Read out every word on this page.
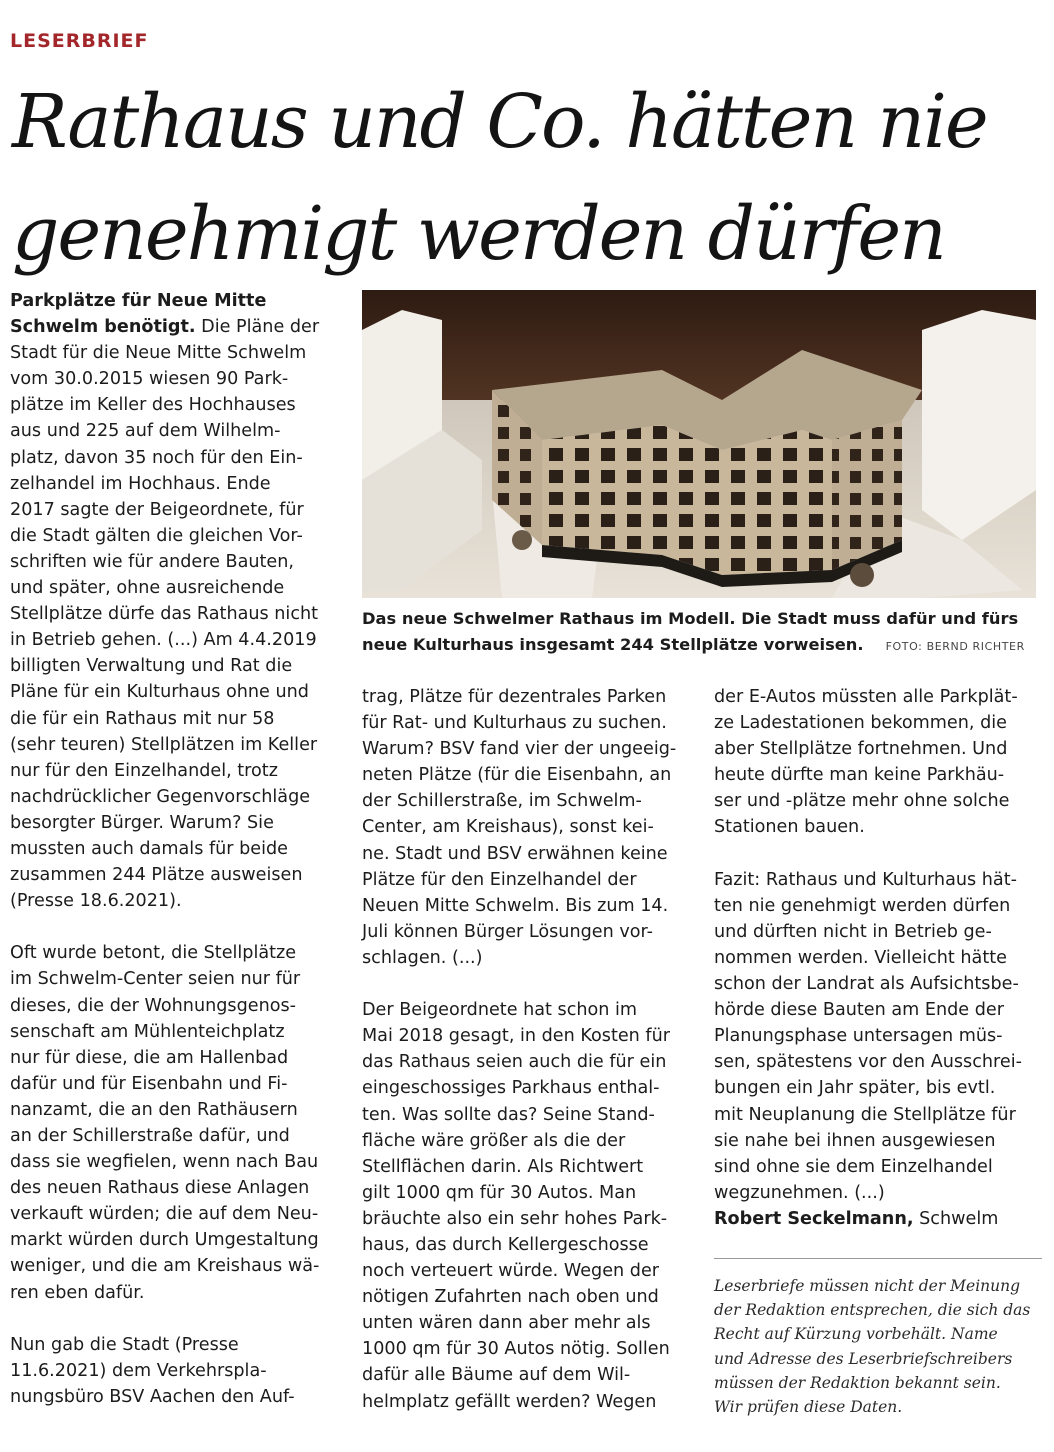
LESERBRIEF
Rathaus und Co. hätten nie
genehmigt werden dürfen
Parkplätze für Neue Mitte
Schwelm benötigt. Die Pläne der
Stadt für die Neue Mitte Schwelm
vom 30.0.2015 wiesen 90 Park-
plätze im Keller des Hochhauses
aus und 225 auf dem Wilhelm-
platz, davon 35 noch für den Ein-
zelhandel im Hochhaus. Ende
2017 sagte der Beigeordnete, für
die Stadt gälten die gleichen Vor-
schriften wie für andere Bauten,
und später, ohne ausreichende
Stellplätze dürfe das Rathaus nicht
in Betrieb gehen. (...) Am 4.4.2019
billigten Verwaltung und Rat die
Pläne für ein Kulturhaus ohne und
die für ein Rathaus mit nur 58
(sehr teuren) Stellplätzen im Keller
nur für den Einzelhandel, trotz
nachdrücklicher Gegenvorschläge
besorgter Bürger. Warum? Sie
mussten auch damals für beide
zusammen 244 Plätze ausweisen
(Presse 18.6.2021).
Oft wurde betont, die Stellplätze
im Schwelm-Center seien nur für
dieses, die der Wohnungsgenos-
senschaft am Mühlenteichplatz
nur für diese, die am Hallenbad
dafür und für Eisenbahn und Fi-
nanzamt, die an den Rathäusern
an der Schillerstraße dafür, und
dass sie wegfielen, wenn nach Bau
des neuen Rathaus diese Anlagen
verkauft würden; die auf dem Neu-
markt würden durch Umgestaltung
weniger, und die am Kreishaus wä-
ren eben dafür.
Nun gab die Stadt (Presse
11.6.2021) dem Verkehrspla-
nungsbüro BSV Aachen den Auf-
Das neue Schwelmer Rathaus im Modell. Die Stadt muss dafür und fürs
neue Kulturhaus insgesamt 244 Stellplätze vorweisen. FOTO: BERND RICHTER
trag, Plätze für dezentrales Parken
für Rat- und Kulturhaus zu suchen.
Warum? BSV fand vier der ungeeig-
neten Plätze (für die Eisenbahn, an
der Schillerstraße, im Schwelm-
Center, am Kreishaus), sonst kei-
ne. Stadt und BSV erwähnen keine
Plätze für den Einzelhandel der
Neuen Mitte Schwelm. Bis zum 14.
Juli können Bürger Lösungen vor-
schlagen. (...)
Der Beigeordnete hat schon im
Mai 2018 gesagt, in den Kosten für
das Rathaus seien auch die für ein
eingeschossiges Parkhaus enthal-
ten. Was sollte das? Seine Stand-
fläche wäre größer als die der
Stellflächen darin. Als Richtwert
gilt 1000 qm für 30 Autos. Man
bräuchte also ein sehr hohes Park-
haus, das durch Kellergeschosse
noch verteuert würde. Wegen der
nötigen Zufahrten nach oben und
unten wären dann aber mehr als
1000 qm für 30 Autos nötig. Sollen
dafür alle Bäume auf dem Wil-
helmplatz gefällt werden? Wegen
der E-Autos müssten alle Parkplät-
ze Ladestationen bekommen, die
aber Stellplätze fortnehmen. Und
heute dürfte man keine Parkhäu-
ser und -plätze mehr ohne solche
Stationen bauen.
Fazit: Rathaus und Kulturhaus hät-
ten nie genehmigt werden dürfen
und dürften nicht in Betrieb ge-
nommen werden. Vielleicht hätte
schon der Landrat als Aufsichtsbe-
hörde diese Bauten am Ende der
Planungsphase untersagen müs-
sen, spätestens vor den Ausschrei-
bungen ein Jahr später, bis evtl.
mit Neuplanung die Stellplätze für
sie nahe bei ihnen ausgewiesen
sind ohne sie dem Einzelhandel
wegzunehmen. (...)
Robert Seckelmann, Schwelm
Leserbriefe müssen nicht der Meinung
der Redaktion entsprechen, die sich das
Recht auf Kürzung vorbehält. Name
und Adresse des Leserbriefschreibers
müssen der Redaktion bekannt sein.
Wir prüfen diese Daten.
